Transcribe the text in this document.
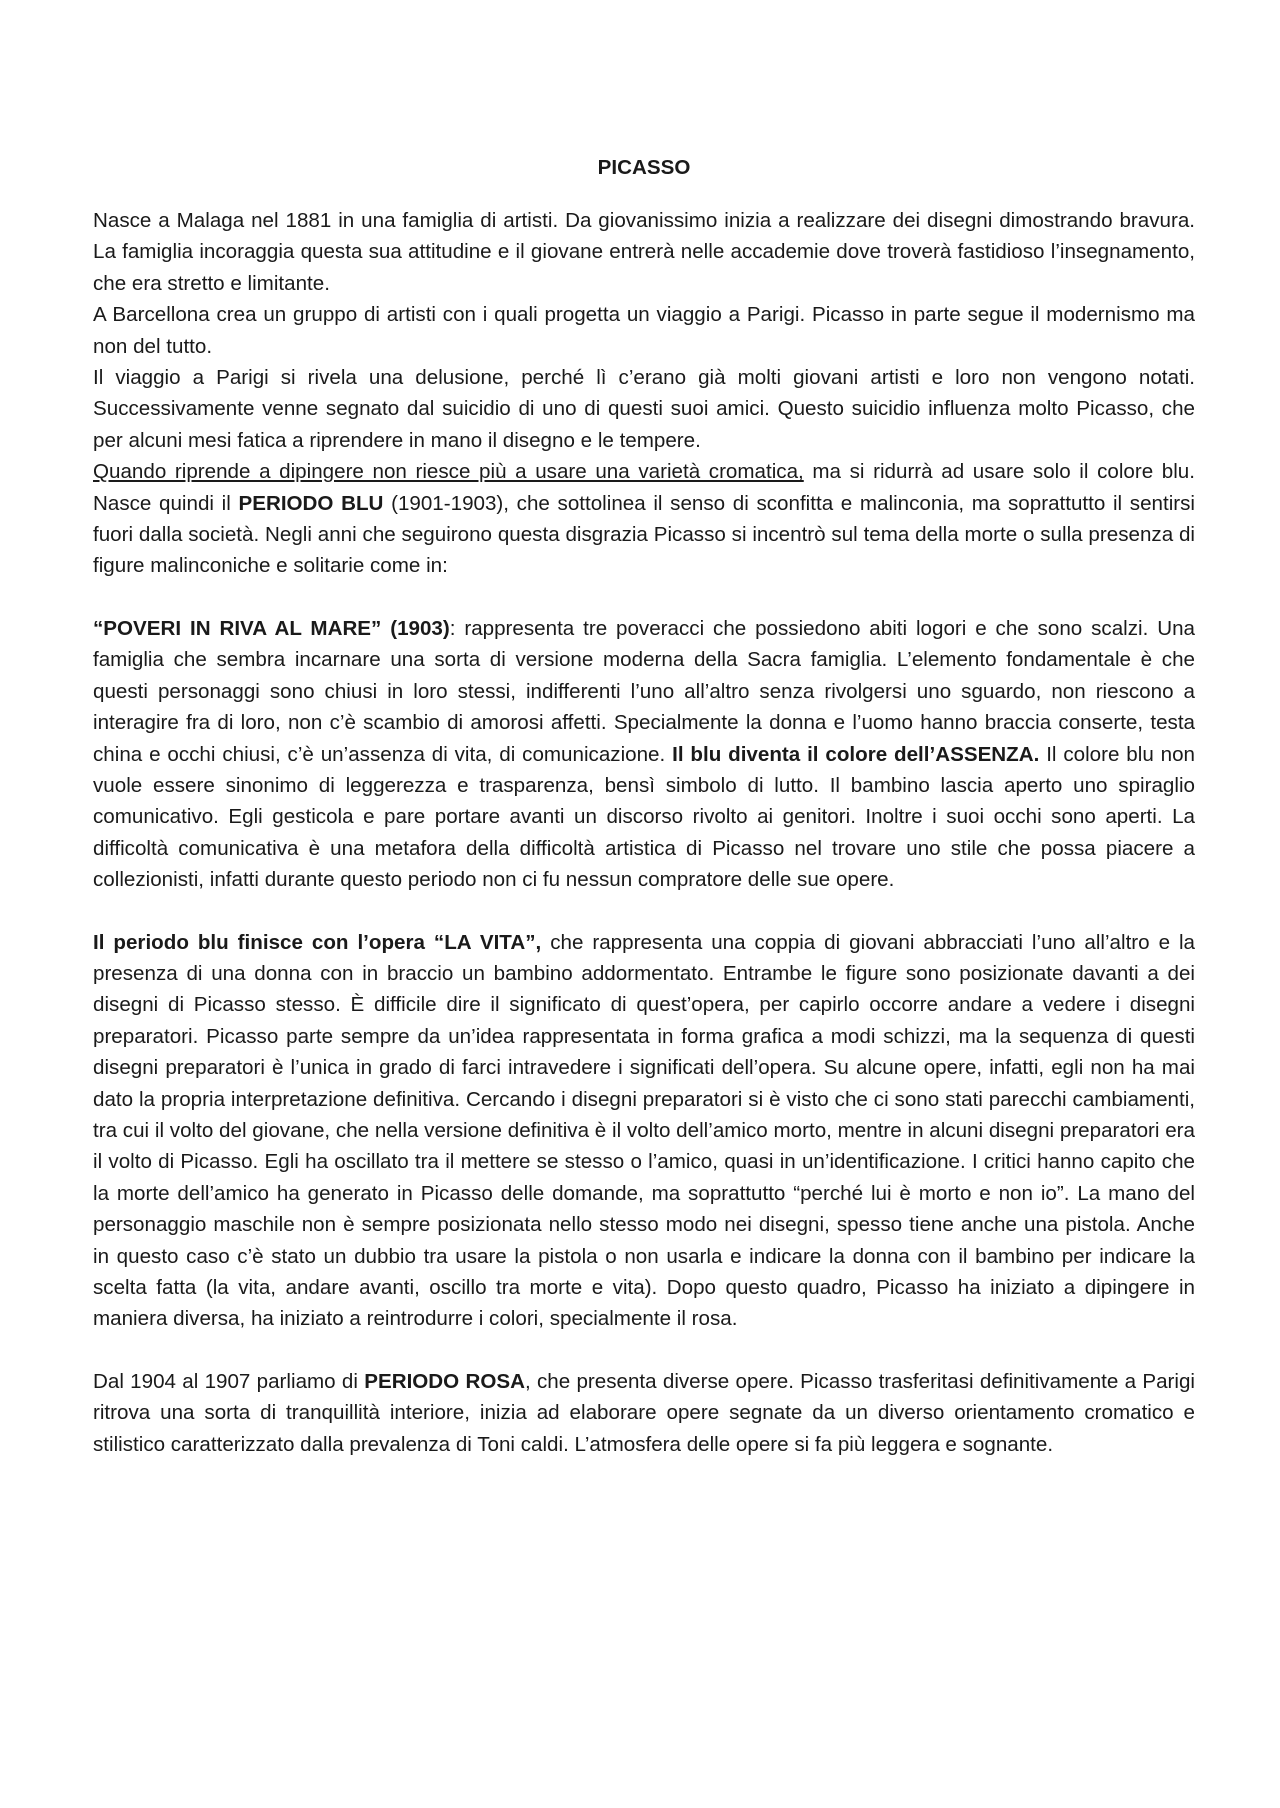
PICASSO

Nasce a Malaga nel 1881 in una famiglia di artisti. Da giovanissimo inizia a realizzare dei disegni dimostrando bravura. La famiglia incoraggia questa sua attitudine e il giovane entrerà nelle accademie dove troverà fastidioso l’insegnamento, che era stretto e limitante.

A Barcellona crea un gruppo di artisti con i quali progetta un viaggio a Parigi. Picasso in parte segue il modernismo ma non del tutto.

Il viaggio a Parigi si rivela una delusione, perché lì c’erano già molti giovani artisti e loro non vengono notati. Successivamente venne segnato dal suicidio di uno di questi suoi amici. Questo suicidio influenza molto Picasso, che per alcuni mesi fatica a riprendere in mano il disegno e le tempere.

Quando riprende a dipingere non riesce più a usare una varietà cromatica, ma si ridurrà ad usare solo il colore blu. Nasce quindi il PERIODO BLU (1901-1903), che sottolinea il senso di sconfitta e malinconia, ma soprattutto il sentirsi fuori dalla società. Negli anni che seguirono questa disgrazia Picasso si incentrò sul tema della morte o sulla presenza di figure malinconiche e solitarie come in:

“POVERI IN RIVA AL MARE” (1903): rappresenta tre poveracci che possiedono abiti logori e che sono scalzi. Una famiglia che sembra incarnare una sorta di versione moderna della Sacra famiglia. L’elemento fondamentale è che questi personaggi sono chiusi in loro stessi, indifferenti l’uno all’altro senza rivolgersi uno sguardo, non riescono a interagire fra di loro, non c’è scambio di amorosi affetti. Specialmente la donna e l’uomo hanno braccia conserte, testa china e occhi chiusi, c’è un’assenza di vita, di comunicazione. Il blu diventa il colore dell’ASSENZA. Il colore blu non vuole essere sinonimo di leggerezza e trasparenza, bensì simbolo di lutto. Il bambino lascia aperto uno spiraglio comunicativo. Egli gesticola e pare portare avanti un discorso rivolto ai genitori. Inoltre i suoi occhi sono aperti. La difficoltà comunicativa è una metafora della difficoltà artistica di Picasso nel trovare uno stile che possa piacere a collezionisti, infatti durante questo periodo non ci fu nessun compratore delle sue opere.

Il periodo blu finisce con l’opera “LA VITA”, che rappresenta una coppia di giovani abbracciati l’uno all’altro e la presenza di una donna con in braccio un bambino addormentato. Entrambe le figure sono posizionate davanti a dei disegni di Picasso stesso. È difficile dire il significato di quest’opera, per capirlo occorre andare a vedere i disegni preparatori. Picasso parte sempre da un’idea rappresentata in forma grafica a modi schizzi, ma la sequenza di questi disegni preparatori è l’unica in grado di farci intravedere i significati dell’opera. Su alcune opere, infatti, egli non ha mai dato la propria interpretazione definitiva. Cercando i disegni preparatori si è visto che ci sono stati parecchi cambiamenti, tra cui il volto del giovane, che nella versione definitiva è il volto dell’amico morto, mentre in alcuni disegni preparatori era il volto di Picasso. Egli ha oscillato tra il mettere se stesso o l’amico, quasi in un’identificazione. I critici hanno capito che la morte dell’amico ha generato in Picasso delle domande, ma soprattutto “perché lui è morto e non io”. La mano del personaggio maschile non è sempre posizionata nello stesso modo nei disegni, spesso tiene anche una pistola. Anche in questo caso c’è stato un dubbio tra usare la pistola o non usarla e indicare la donna con il bambino per indicare la scelta fatta (la vita, andare avanti, oscillo tra morte e vita). Dopo questo quadro, Picasso ha iniziato a dipingere in maniera diversa, ha iniziato a reintrodurre i colori, specialmente il rosa.

Dal 1904 al 1907 parliamo di PERIODO ROSA, che presenta diverse opere. Picasso trasferitasi definitivamente a Parigi ritrova una sorta di tranquillità interiore, inizia ad elaborare opere segnate da un diverso orientamento cromatico e stilistico caratterizzato dalla prevalenza di Toni caldi. L’atmosfera delle opere si fa più leggera e sognante.
